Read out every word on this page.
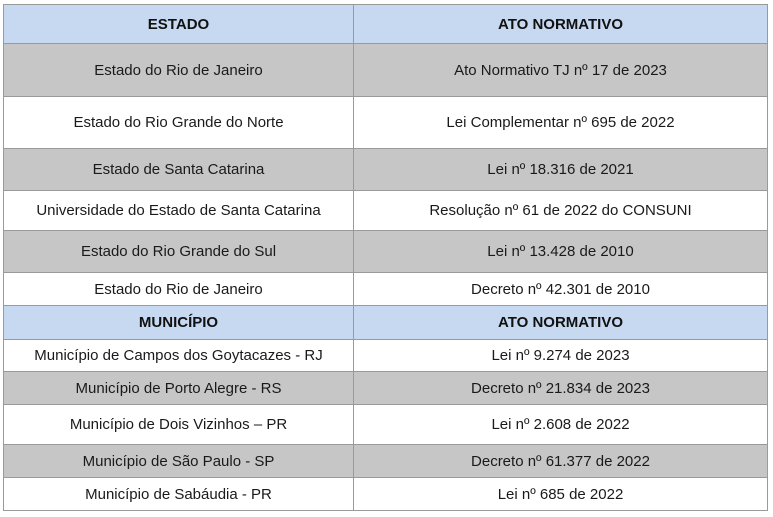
ESTADO	ATO NORMATIVO
Estado do Rio de Janeiro	Ato Normativo TJ nº 17 de 2023
Estado do Rio Grande do Norte	Lei Complementar nº 695 de 2022
Estado de Santa Catarina	Lei nº 18.316 de 2021
Universidade do Estado de Santa Catarina	Resolução nº 61 de 2022 do CONSUNI
Estado do Rio Grande do Sul	Lei nº 13.428 de 2010
Estado do Rio de Janeiro	Decreto nº 42.301 de 2010
MUNICÍPIO	ATO NORMATIVO
Município de Campos dos Goytacazes - RJ	Lei nº 9.274 de 2023
Município de Porto Alegre - RS	Decreto nº 21.834 de 2023
Município de Dois Vizinhos – PR	Lei nº 2.608 de 2022
Município de São Paulo - SP	Decreto nº 61.377 de 2022
Município de Sabáudia - PR	Lei nº 685 de 2022
